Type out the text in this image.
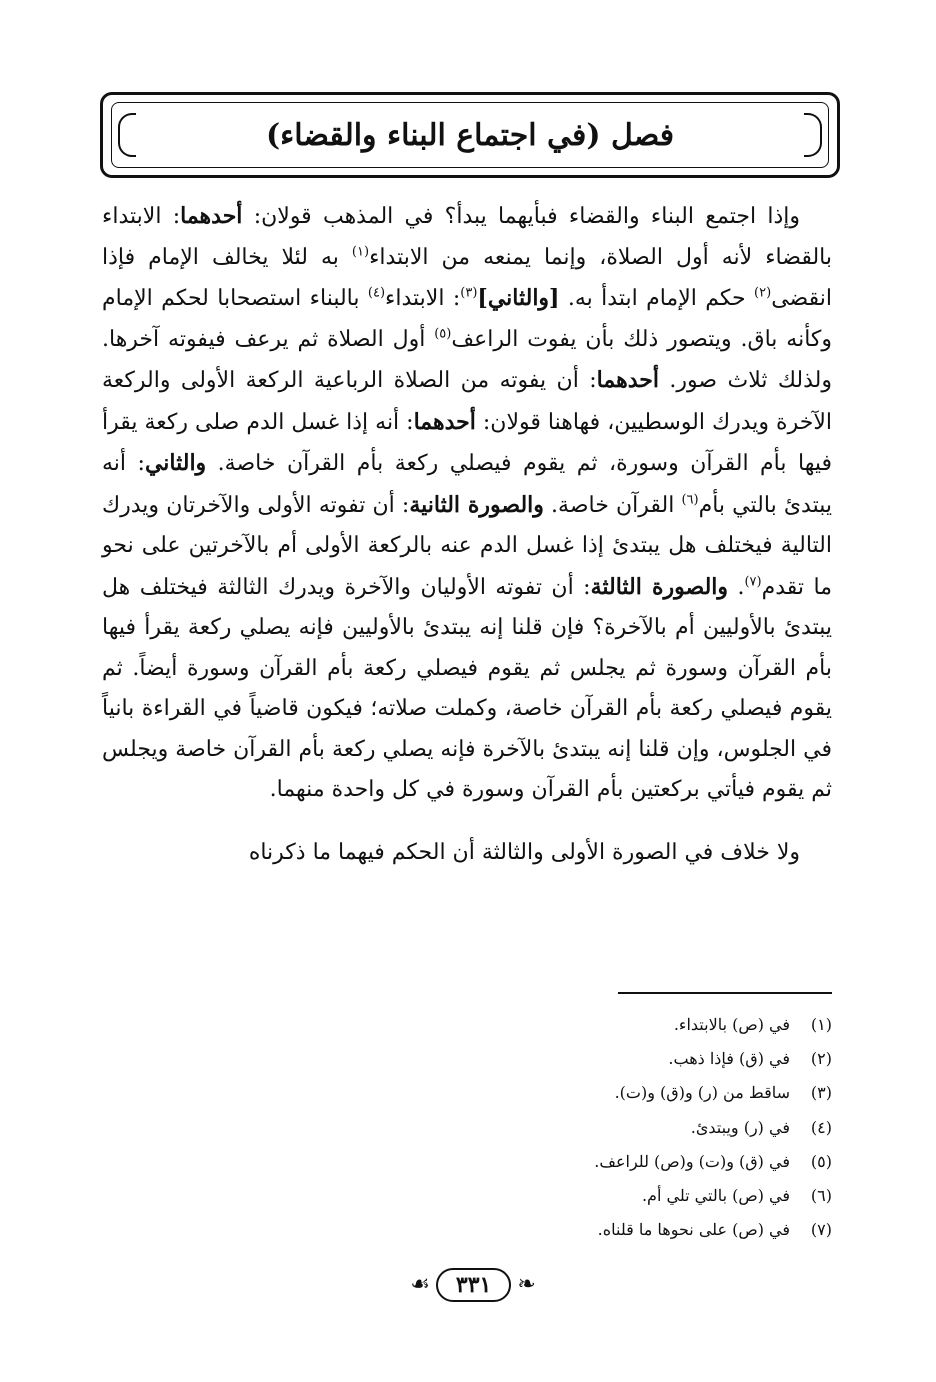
فصل (في اجتماع البناء والقضاء)

وإذا اجتمع البناء والقضاء فبأيهما يبدأ؟ في المذهب قولان: أحدهما: الابتداء بالقضاء لأنه أول الصلاة، وإنما يمنعه من الابتداء$^{(١)}$ به لئلا يخالف الإمام فإذا انقضى$^{(٢)}$ حكم الإمام ابتدأ به. [والثاني]$^{(٣)}$: الابتداء$^{(٤)}$ بالبناء استصحابا لحكم الإمام وكأنه باق. ويتصور ذلك بأن يفوت الراعف$^{(٥)}$ أول الصلاة ثم يرعف فيفوته آخرها. ولذلك ثلاث صور. أحدهما: أن يفوته من الصلاة الرباعية الركعة الأولى والركعة الآخرة ويدرك الوسطيين، فهاهنا قولان: أحدهما: أنه إذا غسل الدم صلى ركعة يقرأ فيها بأم القرآن وسورة، ثم يقوم فيصلي ركعة بأم القرآن خاصة. والثاني: أنه يبتدئ بالتي بأم$^{(٦)}$ القرآن خاصة. والصورة الثانية: أن تفوته الأولى والآخرتان ويدرك التالية فيختلف هل يبتدئ إذا غسل الدم عنه بالركعة الأولى أم بالآخرتين على نحو ما تقدم$^{(٧)}$. والصورة الثالثة: أن تفوته الأوليان والآخرة ويدرك الثالثة فيختلف هل يبتدئ بالأوليين أم بالآخرة؟ فإن قلنا إنه يبتدئ بالأوليين فإنه يصلي ركعة يقرأ فيها بأم القرآن وسورة ثم يجلس ثم يقوم فيصلي ركعة بأم القرآن وسورة أيضاً. ثم يقوم فيصلي ركعة بأم القرآن خاصة، وكملت صلاته؛ فيكون قاضياً في القراءة بانياً في الجلوس، وإن قلنا إنه يبتدئ بالآخرة فإنه يصلي ركعة بأم القرآن خاصة ويجلس ثم يقوم فيأتي بركعتين بأم القرآن وسورة في كل واحدة منهما.

ولا خلاف في الصورة الأولى والثالثة أن الحكم فيهما ما ذكرناه

(١)
في (ص) بالابتداء.
(٢)
في (ق) فإذا ذهب.
(٣)
ساقط من (ر) و(ق) و(ت).
(٤)
في (ر) ويبتدئ.
(٥)
في (ق) و(ت) و(ص) للراعف.
(٦)
في (ص) بالتي تلي أم.
(٧)
في (ص) على نحوها ما قلناه.
❧
٣٣١
☙
